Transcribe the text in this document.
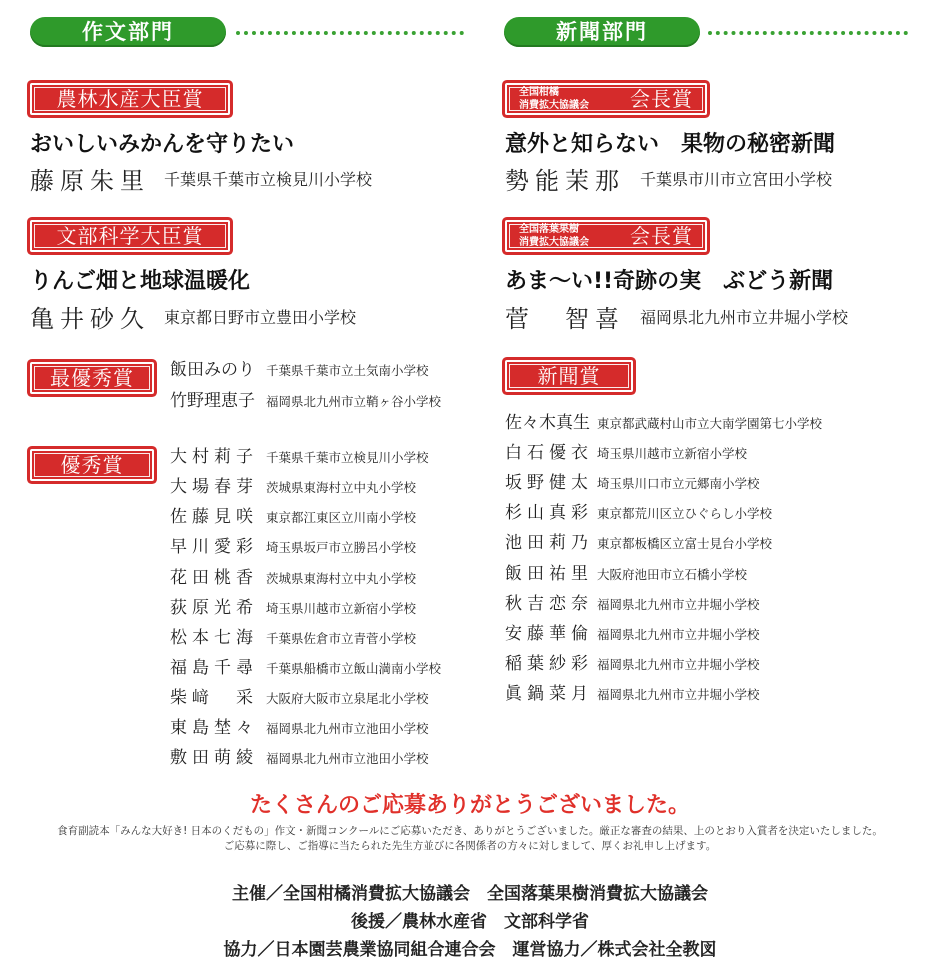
作文部門
農林水産大臣賞
おいしいみかんを守りたい
藤原朱里 千葉県千葉市立検見川小学校
文部科学大臣賞
りんご畑と地球温暖化
亀井砂久 東京都日野市立豊田小学校
最優秀賞	飯田みのり 千葉県千葉市立土気南小学校
竹野理恵子 福岡県北九州市立鞘ヶ谷小学校
優秀賞	大村莉子 千葉県千葉市立検見川小学校
大場春芽 茨城県東海村立中丸小学校
佐藤見咲 東京都江東区立川南小学校
早川愛彩 埼玉県坂戸市立勝呂小学校
花田桃香 茨城県東海村立中丸小学校
荻原光希 埼玉県川越市立新宿小学校
松本七海 千葉県佐倉市立青菅小学校
福島千尋 千葉県船橋市立飯山満南小学校
柴﨑　采 大阪府大阪市立泉尾北小学校
東島埜々 福岡県北九州市立池田小学校
敷田萌綾 福岡県北九州市立池田小学校
新聞部門
全国柑橘
消費拡大協議会 会長賞
意外と知らない　果物の秘密新聞
勢能茉那 千葉県市川市立宮田小学校
全国落葉果樹
消費拡大協議会 会長賞
あま〜い!!奇跡の実　ぶどう新聞
菅　智喜 福岡県北九州市立井堀小学校
新聞賞
佐々木真生 東京都武蔵村山市立大南学園第七小学校
白石優衣 埼玉県川越市立新宿小学校
坂野健太 埼玉県川口市立元郷南小学校
杉山真彩 東京都荒川区立ひぐらし小学校
池田莉乃 東京都板橋区立富士見台小学校
飯田祐里 大阪府池田市立石橋小学校
秋吉恋奈 福岡県北九州市立井堀小学校
安藤華倫 福岡県北九州市立井堀小学校
稲葉紗彩 福岡県北九州市立井堀小学校
眞鍋菜月 福岡県北九州市立井堀小学校
たくさんのご応募ありがとうございました。
食育副読本「みんな大好き! 日本のくだもの」作文・新聞コンクールにご応募いただき、ありがとうございました。厳正な審査の結果、上のとおり入賞者を決定いたしました。
ご応募に際し、ご指導に当たられた先生方並びに各関係者の方々に対しまして、厚くお礼申し上げます。
主催／全国柑橘消費拡大協議会　全国落葉果樹消費拡大協議会
後援／農林水産省　文部科学省
協力／日本園芸農業協同組合連合会　運営協力／株式会社全教図
